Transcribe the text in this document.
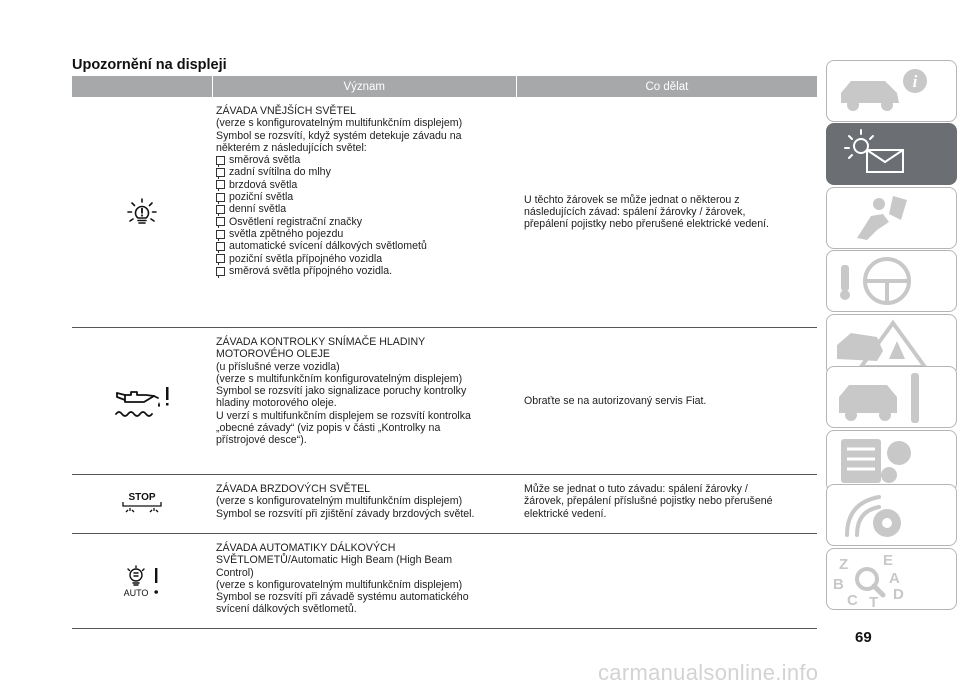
Upozornění na displeji
Význam	Co dělat
ZÁVADA VNĚJŠÍCH SVĚTEL
(verze s konfigurovatelným multifunkčním displejem)
Symbol se rozsvítí, když systém detekuje závadu na
některém z následujících světel:
směrová světla
zadní svítilna do mlhy
brzdová světla
poziční světla
denní světla
Osvětlení registrační značky
světla zpětného pojezdu
automatické svícení dálkových světlometů
poziční světla přípojného vozidla
směrová světla přípojného vozidla.
U těchto žárovek se může jednat o některou z
následujících závad: spálení žárovky / žárovek,
přepálení pojistky nebo přerušené elektrické vedení.
ZÁVADA KONTROLKY SNÍMAČE HLADINY
MOTOROVÉHO OLEJE
(u příslušné verze vozidla)
(verze s multifunkčním konfigurovatelným displejem)
Symbol se rozsvítí jako signalizace poruchy kontrolky
hladiny motorového oleje.
U verzí s multifunkčním displejem se rozsvítí kontrolka
„obecné závady“ (viz popis v části „Kontrolky na
přístrojové desce“).
Obraťte se na autorizovaný servis Fiat.
STOP
ZÁVADA BRZDOVÝCH SVĚTEL
(verze s konfigurovatelným multifunkčním displejem)
Symbol se rozsvítí při zjištění závady brzdových světel.
Může se jednat o tuto závadu: spálení žárovky /
žárovek, přepálení příslušné pojistky nebo přerušené
elektrické vedení.
AUTO
ZÁVADA AUTOMATIKY DÁLKOVÝCH
SVĚTLOMETŮ/Automatic High Beam (High Beam
Control)
(verze s konfigurovatelným multifunkčním displejem)
Symbol se rozsvítí při závadě systému automatického
svícení dálkových světlometů.
i
Z E
B	A
C T D
69
carmanualsonline.info
